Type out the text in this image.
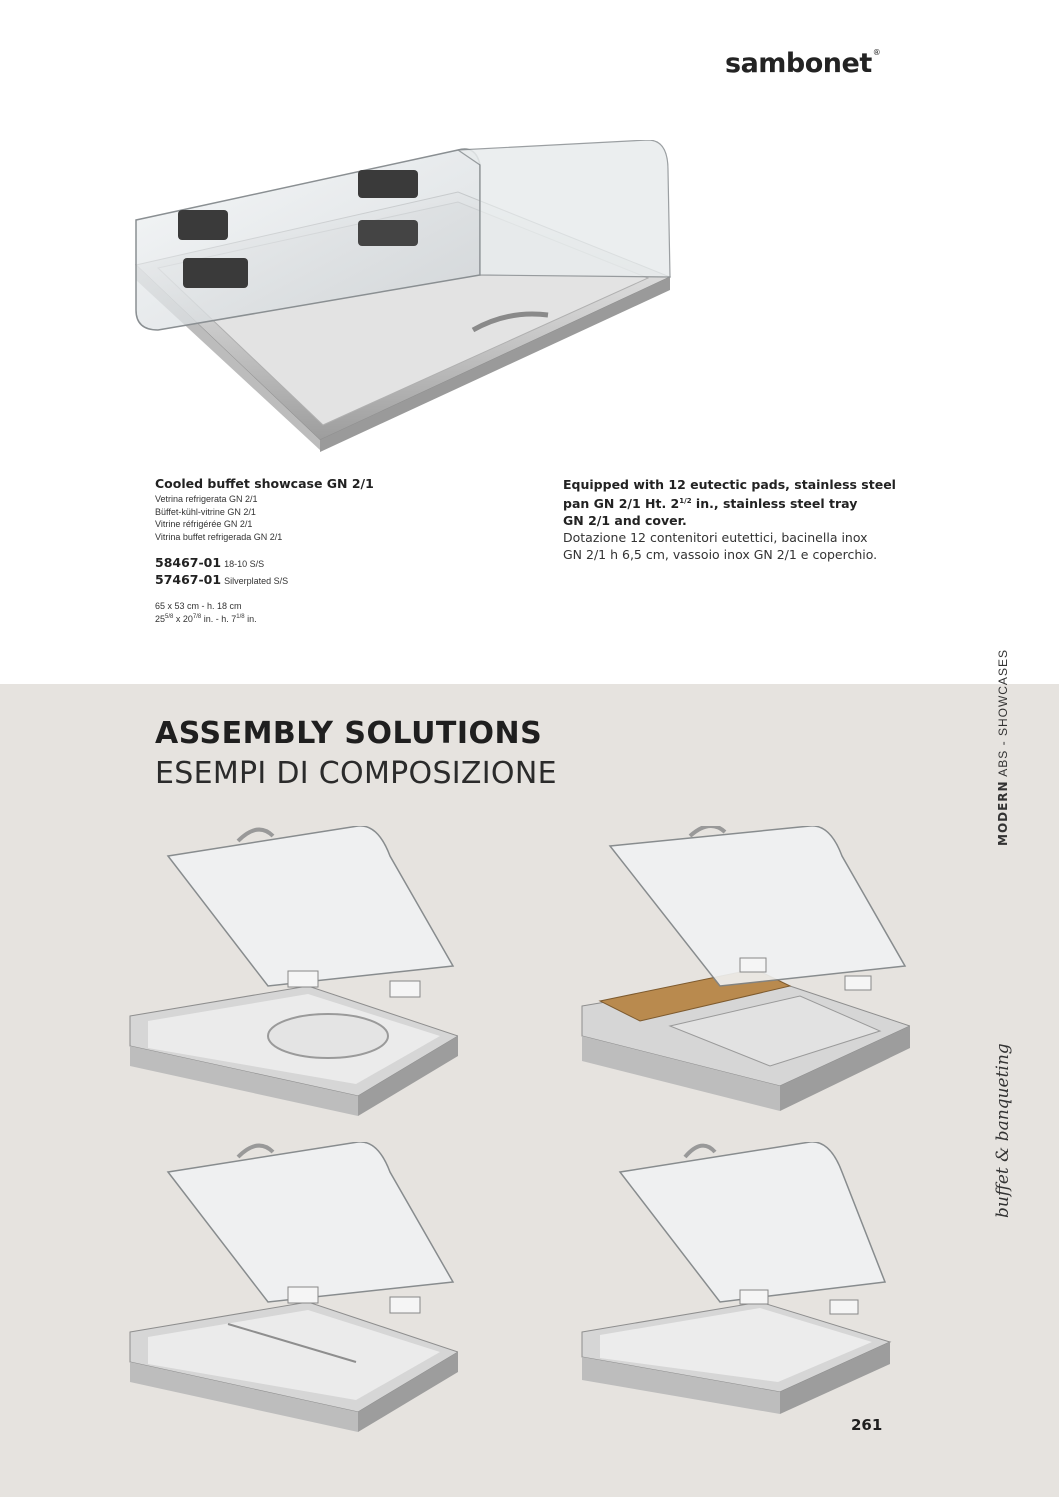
sambonet®

Cooled buffet showcase GN 2/1

Vetrina refrigerata GN 2/1

Büffet-kühl-vitrine GN 2/1

Vitrine réfrigérée GN 2/1

Vitrina buffet refrigerada GN 2/1

58467-01 18-10 S/S
57467-01 Silverplated S/S
65 x 53 cm - h. 18 cm
$25^{5/8}$ x $20^{7/8}$ in. - h. $7^{1/8}$ in.
Equipped with 12 eutectic pads, stainless steel
pan GN 2/1 Ht. $2^{1/2}$ in., stainless steel tray
GN 2/1 and cover.
Dotazione 12 contenitori eutettici, bacinella inox
GN 2/1 h 6,5 cm, vassoio inox GN 2/1 e coperchio.
ASSEMBLY SOLUTIONS
ESEMPI DI COMPOSIZIONE
MODERN ABS - SHOWCASES
buffet & banqueting
261
